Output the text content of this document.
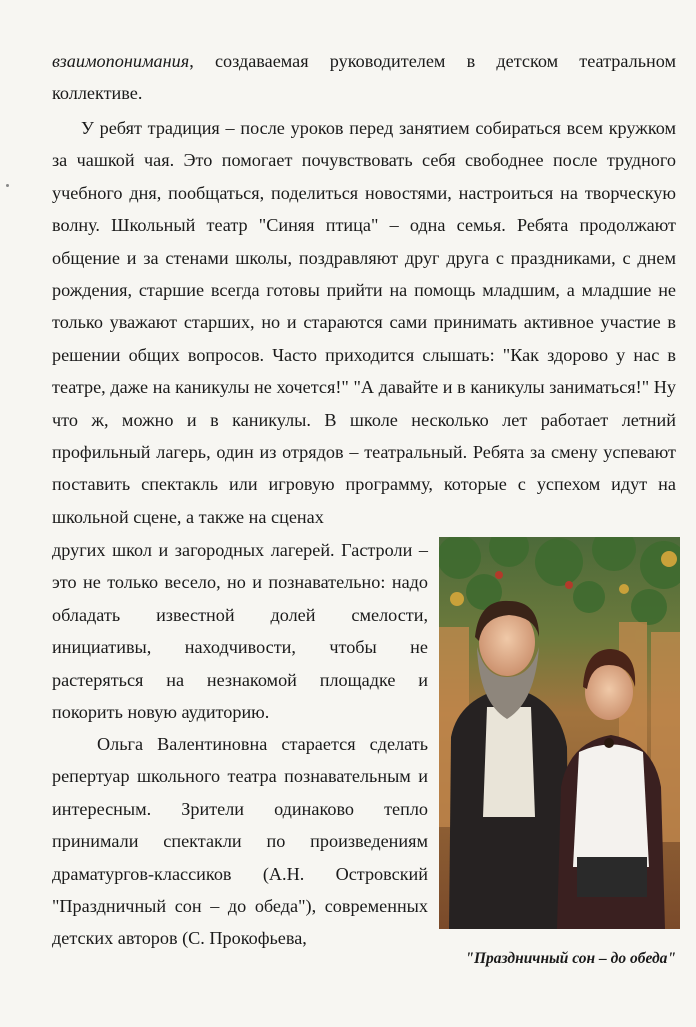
взаимопонимания, создаваемая руководителем в детском театральном коллективе.
У ребят традиция – после уроков перед занятием собираться всем кружком за чашкой чая. Это помогает почувствовать себя свободнее после трудного учебного дня, пообщаться, поделиться новостями, настроиться на творческую волну. Школьный театр "Синяя птица" – одна семья. Ребята продолжают общение и за стенами школы, поздравляют друг друга с праздниками, с днем рождения, старшие всегда готовы прийти на помощь младшим, а младшие не только уважают старших, но и стараются сами принимать активное участие в решении общих вопросов. Часто приходится слышать: "Как здорово у нас в театре, даже на каникулы не хочется!" "А давайте и в каникулы заниматься!" Ну что ж, можно и в каникулы. В школе несколько лет работает летний профильный лагерь, один из отрядов – театральный. Ребята за смену успевают поставить спектакль или игровую программу, которые с успехом идут на школьной сцене, а также на сценах
других школ и загородных лагерей. Гастроли – это не только весело, но и познавательно: надо обладать известной долей смелости, инициативы, находчивости, чтобы не растеряться на незнакомой площадке и покорить новую аудиторию.
Ольга Валентиновна старается сделать репертуар школьного театра познавательным и интересным. Зрители одинаково тепло принимали спектакли по произведениям драматургов-классиков (А.Н. Островский "Праздничный сон – до обеда"), современных детских авторов (С. Прокофьева,
"Праздничный сон – до обеда"
